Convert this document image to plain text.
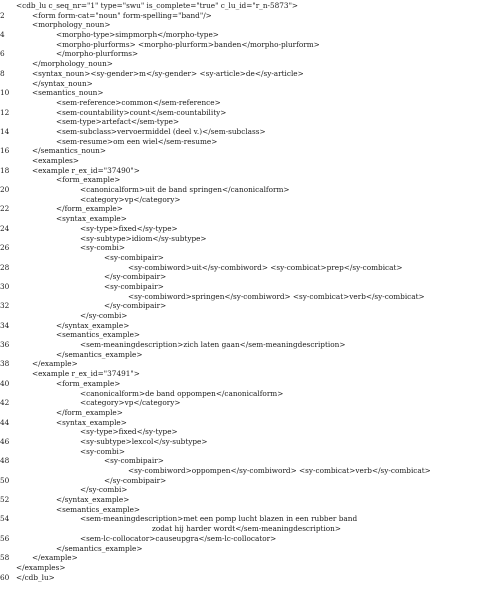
<cdb_lu c_seq_nr="1" type="swu" is_complete="true" c_lu_id="r_n-5873">
2	<form form-cat="noun" form-spelling="band"/>
<morphology_noun>
4	<morpho-type>simpmorph</morpho-type>
<morpho-plurforms> <morpho-plurform>banden</morpho-plurform>
6	</morpho-plurforms>
</morphology_noun>
8	<syntax_noun><sy-gender>m</sy-gender> <sy-article>de</sy-article>
</syntax_noun>
10	<semantics_noun>
<sem-reference>common</sem-reference>
12	<sem-countability>count</sem-countability>
<sem-type>artefact</sem-type>
14	<sem-subclass>vervoermiddel (deel v.)</sem-subclass>
<sem-resume>om een wiel</sem-resume>
16	</semantics_noun>
<examples>
18	<example r_ex_id="37490">
<form_example>
20	<canonicalform>uit de band springen</canonicalform>
<category>vp</category>
22	</form_example>
<syntax_example>
24	<sy-type>fixed</sy-type>
<sy-subtype>idiom</sy-subtype>
26	<sy-combi>
<sy-combipair>
28	<sy-combiword>uit</sy-combiword> <sy-combicat>prep</sy-combicat>
</sy-combipair>
30	<sy-combipair>
<sy-combiword>springen</sy-combiword> <sy-combicat>verb</sy-combicat>
32	</sy-combipair>
</sy-combi>
34	</syntax_example>
<semantics_example>
36	<sem-meaningdescription>zich laten gaan</sem-meaningdescription>
</semantics_example>
38	</example>
<example r_ex_id="37491">
40	<form_example>
<canonicalform>de band oppompen</canonicalform>
42	<category>vp</category>
</form_example>
44	<syntax_example>
<sy-type>fixed</sy-type>
46	<sy-subtype>lexcol</sy-subtype>
<sy-combi>
48	<sy-combipair>
<sy-combiword>oppompen</sy-combiword> <sy-combicat>verb</sy-combicat>
50	</sy-combipair>
</sy-combi>
52	</syntax_example>
<semantics_example>
54	<sem-meaningdescription>met een pomp lucht blazen in een rubber band
zodat hij harder wordt</sem-meaningdescription>
56	<sem-lc-collocator>causeupgra</sem-lc-collocator>
</semantics_example>
58	</example>
</examples>
60 </cdb_lu>
